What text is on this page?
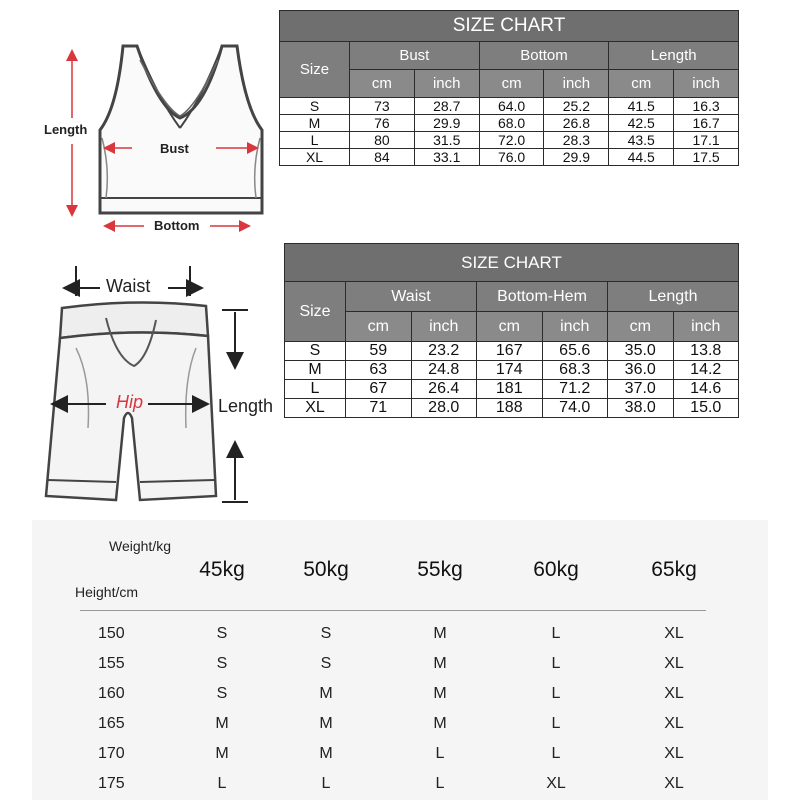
SIZE CHART						
Size	Bust		Bottom		Length	
	cm	inch	cm	inch	cm	inch
S	73	28.7	64.0	25.2	41.5	16.3
M	76	29.9	68.0	26.8	42.5	16.7
L	80	31.5	72.0	28.3	43.5	17.1
XL	84	33.1	76.0	29.9	44.5	17.5
SIZE CHART						
Size	Waist		Bottom-Hem		Length	
	cm	inch	cm	inch	cm	inch
S	59	23.2	167	65.6	35.0	13.8
M	63	24.8	174	68.3	36.0	14.2
L	67	26.4	181	71.2	37.0	14.6
XL	71	28.0	188	74.0	38.0	15.0
Length
Bust
Bottom
Waist
Hip	Length
Weight/kg
Height/cm
45kg	50kg	55kg	60kg	65kg
150	S	S	M	L	XL
155	S	S	M	L	XL
160	S	M	M	L	XL
165	M	M	M	L	XL
170	M	M	L	L	XL
175	L	L	L	XL	XL
